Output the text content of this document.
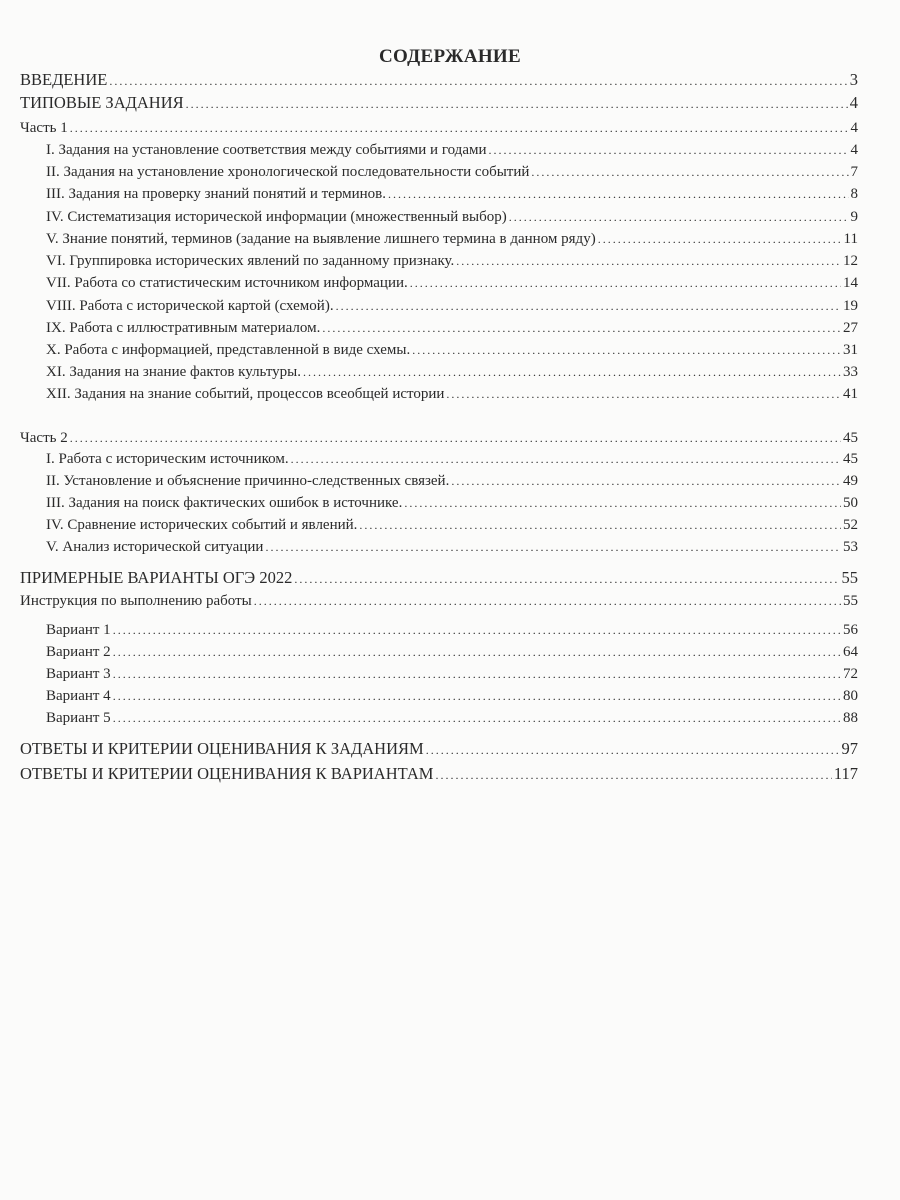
СОДЕРЖАНИЕ
ВВЕДЕНИЕ . . .	3
ТИПОВЫЕ ЗАДАНИЯ . . .	4
Часть 1 . . .	4
I. Задания на установление соответствия между событиями и годами . . .	4
II. Задания на установление хронологической последовательности событий . . .	7
III. Задания на проверку знаний понятий и терминов. . . .	8
IV. Систематизация исторической информации (множественный выбор) . . .	9
V. Знание понятий, терминов (задание на выявление лишнего термина в данном ряду) . . .	11
VI. Группировка исторических явлений по заданному признаку. . . .	12
VII. Работа со статистическим источником информации. . . .	14
VIII. Работа с исторической картой (схемой). . . .	19
IX. Работа с иллюстративным материалом. . . .	27
X. Работа с информацией, представленной в виде схемы. . . .	31
XI. Задания на знание фактов культуры. . . .	33
XII. Задания на знание событий, процессов всеобщей истории . . .	41
Часть 2 . . .	45
I. Работа с историческим источником. . . .	45
II. Установление и объяснение причинно-следственных связей. . . .	49
III. Задания на поиск фактических ошибок в источнике. . . .	50
IV. Сравнение исторических событий и явлений. . . .	52
V. Анализ исторической ситуации . . .	53
ПРИМЕРНЫЕ ВАРИАНТЫ ОГЭ 2022 . . .	55
Инструкция по выполнению работы . . .	55
Вариант 1 . . .	56
Вариант 2 . . .	64
Вариант 3 . . .	72
Вариант 4 . . .	80
Вариант 5 . . .	88
ОТВЕТЫ И КРИТЕРИИ ОЦЕНИВАНИЯ К ЗАДАНИЯМ . . .	97
ОТВЕТЫ И КРИТЕРИИ ОЦЕНИВАНИЯ К ВАРИАНТАМ . . .	117
